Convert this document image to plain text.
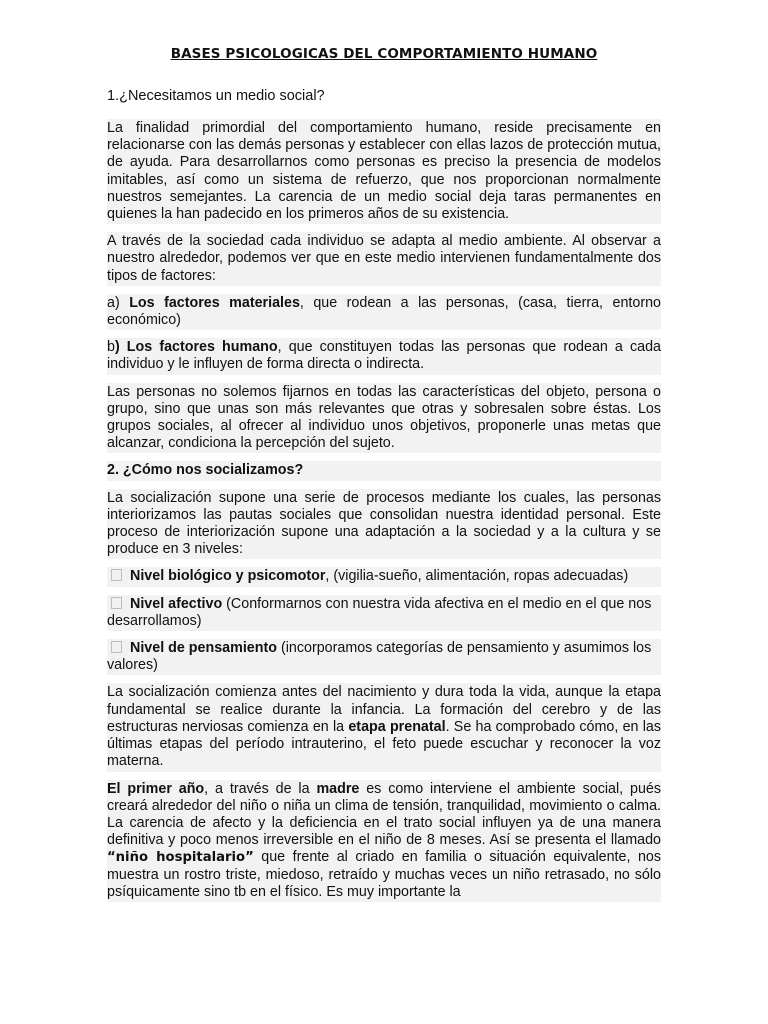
BASES PSICOLOGICAS DEL COMPORTAMIENTO HUMANO
1.¿Necesitamos un medio social?

La finalidad primordial del comportamiento humano, reside precisamente en relacionarse con las demás personas y establecer con ellas lazos de protección mutua, de ayuda. Para desarrollarnos como personas es preciso la presencia de modelos imitables, así como un sistema de refuerzo, que nos proporcionan normalmente nuestros semejantes. La carencia de un medio social deja taras permanentes en quienes la han padecido en los primeros años de su existencia.

A través de la sociedad cada individuo se adapta al medio ambiente. Al observar a nuestro alrededor, podemos ver que en este medio intervienen fundamentalmente dos tipos de factores:

a) Los factores materiales, que rodean a las personas, (casa, tierra, entorno económico)

b) Los factores humano, que constituyen todas las personas que rodean a cada individuo y le influyen de forma directa o indirecta.

Las personas no solemos fijarnos en todas las características del objeto, persona o grupo, sino que unas son más relevantes que otras y sobresalen sobre éstas. Los grupos sociales, al ofrecer al individuo unos objetivos, proponerle unas metas que alcanzar, condiciona la percepción del sujeto.

2. ¿Cómo nos socializamos?

La socialización supone una serie de procesos mediante los cuales, las personas interiorizamos las pautas sociales que consolidan nuestra identidad personal. Este proceso de interiorización supone una adaptación a la sociedad y a la cultura y se produce en 3 niveles:

Nivel biológico y psicomotor, (vigilia-sueño, alimentación, ropas adecuadas)

Nivel afectivo (Conformarnos con nuestra vida afectiva en el medio en el que nos desarrollamos)

Nivel de pensamiento (incorporamos categorías de pensamiento y asumimos los valores)

La socialización comienza antes del nacimiento y dura toda la vida, aunque la etapa fundamental se realice durante la infancia. La formación del cerebro y de las estructuras nerviosas comienza en la etapa prenatal. Se ha comprobado cómo, en las últimas etapas del período intrauterino, el feto puede escuchar y reconocer la voz materna.

El primer año, a través de la madre es como interviene el ambiente social, pués creará alrededor del niño o niña un clima de tensión, tranquilidad, movimiento o calma. La carencia de afecto y la deficiencia en el trato social influyen ya de una manera definitiva y poco menos irreversible en el niño de 8 meses. Así se presenta el llamado “niño hospitalario” que frente al criado en familia o situación equivalente, nos muestra un rostro triste, miedoso, retraído y muchas veces un niño retrasado, no sólo psíquicamente sino tb en el físico. Es muy importante la
